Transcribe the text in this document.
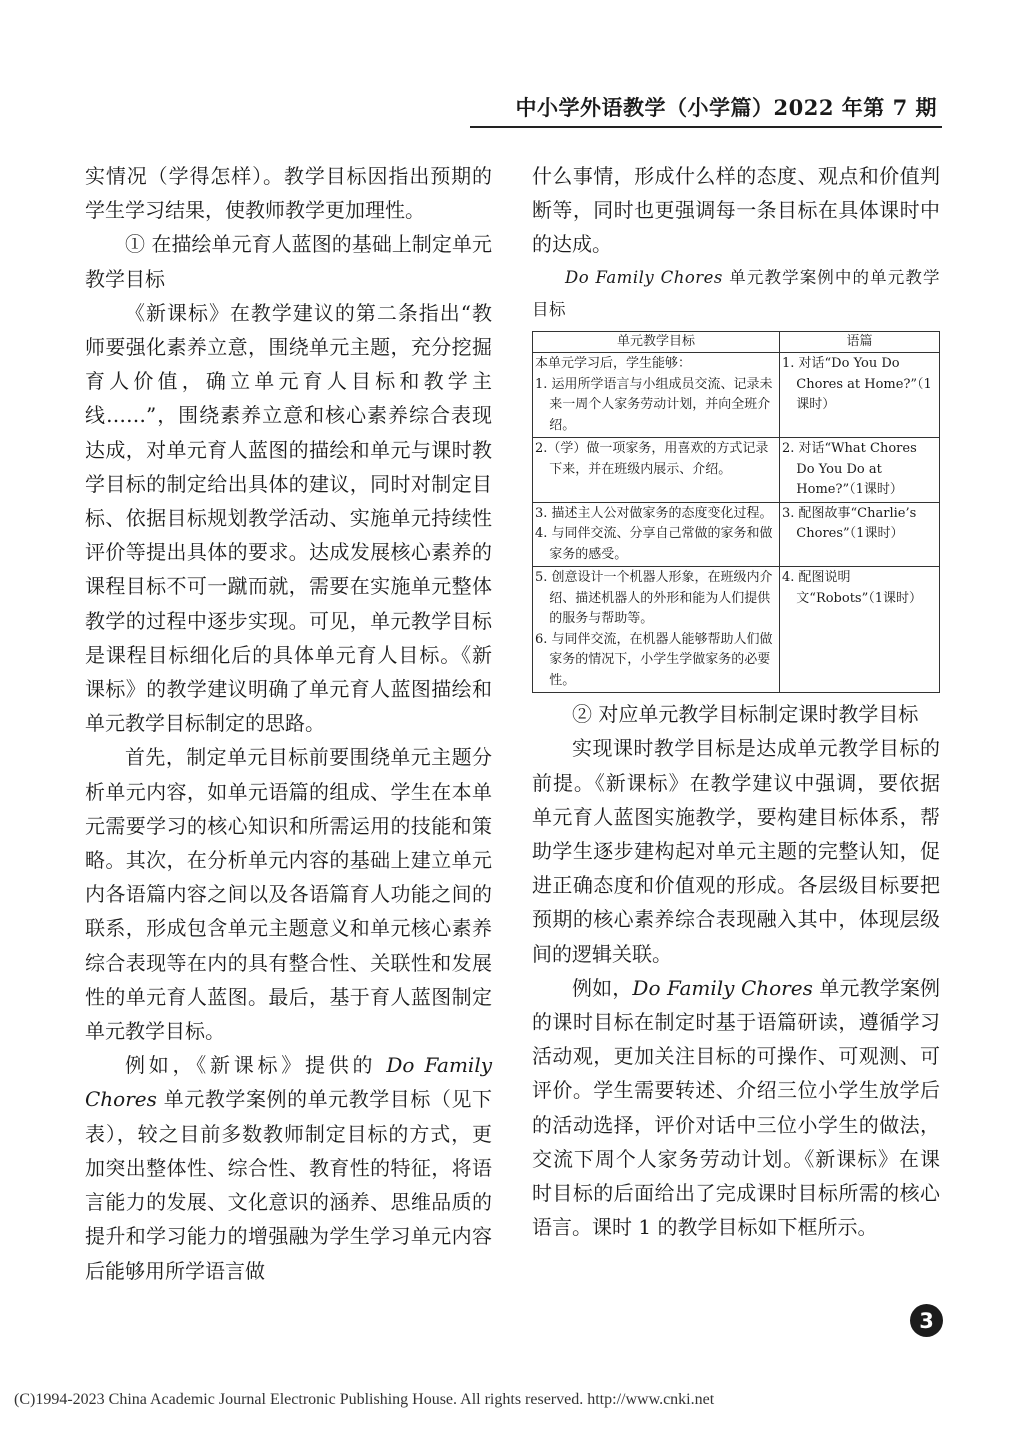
中小学外语教学（小学篇）2022 年第 7 期

实情况（学得怎样）。教学目标因指出预期的学生学习结果，使教师教学更加理性。

① 在描绘单元育人蓝图的基础上制定单元教学目标

《新课标》在教学建议的第二条指出“教师要强化素养立意，围绕单元主题，充分挖掘育人价值，确立单元育人目标和教学主线……”，围绕素养立意和核心素养综合表现达成，对单元育人蓝图的描绘和单元与课时教学目标的制定给出具体的建议，同时对制定目标、依据目标规划教学活动、实施单元持续性评价等提出具体的要求。达成发展核心素养的课程目标不可一蹴而就，需要在实施单元整体教学的过程中逐步实现。可见，单元教学目标是课程目标细化后的具体单元育人目标。《新课标》的教学建议明确了单元育人蓝图描绘和单元教学目标制定的思路。

首先，制定单元目标前要围绕单元主题分析单元内容，如单元语篇的组成、学生在本单元需要学习的核心知识和所需运用的技能和策略。其次，在分析单元内容的基础上建立单元内各语篇内容之间以及各语篇育人功能之间的联系，形成包含单元主题意义和单元核心素养综合表现等在内的具有整合性、关联性和发展性的单元育人蓝图。最后，基于育人蓝图制定单元教学目标。

例如，《新课标》提供的 Do Family Chores 单元教学案例的单元教学目标（见下表），较之目前多数教师制定目标的方式，更加突出整体性、综合性、教育性的特征，将语言能力的发展、文化意识的涵养、思维品质的提升和学习能力的增强融为学生学习单元内容后能够用所学语言做

什么事情，形成什么样的态度、观点和价值判断等，同时也更强调每一条目标在具体课时中的达成。

Do Family Chores 单元教学案例中的单元教学目标

单元教学目标	语篇

本单元学习后，学生能够：
1. 运用所学语言与小组成员交流、记录未来一周个人家务劳动计划，并向全班介绍。	1. 对话“Do You Do Chores at Home?”（1课时）

2.（学）做一项家务，用喜欢的方式记录下来，并在班级内展示、介绍。	2. 对话“What Chores Do You Do at Home?”（1课时）

3. 描述主人公对做家务的态度变化过程。
4. 与同伴交流、分享自己常做的家务和做家务的感受。	3. 配图故事“Charlie’s Chores”（1课时）

5. 创意设计一个机器人形象，在班级内介绍、描述机器人的外形和能为人们提供的服务与帮助等。
6. 与同伴交流，在机器人能够帮助人们做家务的情况下，小学生学做家务的必要性。	4. 配图说明文“Robots”（1课时）

② 对应单元教学目标制定课时教学目标

实现课时教学目标是达成单元教学目标的前提。《新课标》在教学建议中强调，要依据单元育人蓝图实施教学，要构建目标体系，帮助学生逐步建构起对单元主题的完整认知，促进正确态度和价值观的形成。各层级目标要把预期的核心素养综合表现融入其中，体现层级间的逻辑关联。

例如，Do Family Chores 单元教学案例的课时目标在制定时基于语篇研读，遵循学习活动观，更加关注目标的可操作、可观测、可评价。学生需要转述、介绍三位小学生放学后的活动选择，评价对话中三位小学生的做法，交流下周个人家务劳动计划。《新课标》在课时目标的后面给出了完成课时目标所需的核心语言。课时 1 的教学目标如下框所示。

3
(C)1994-2023 China Academic Journal Electronic Publishing House. All rights reserved. http://www.cnki.net
